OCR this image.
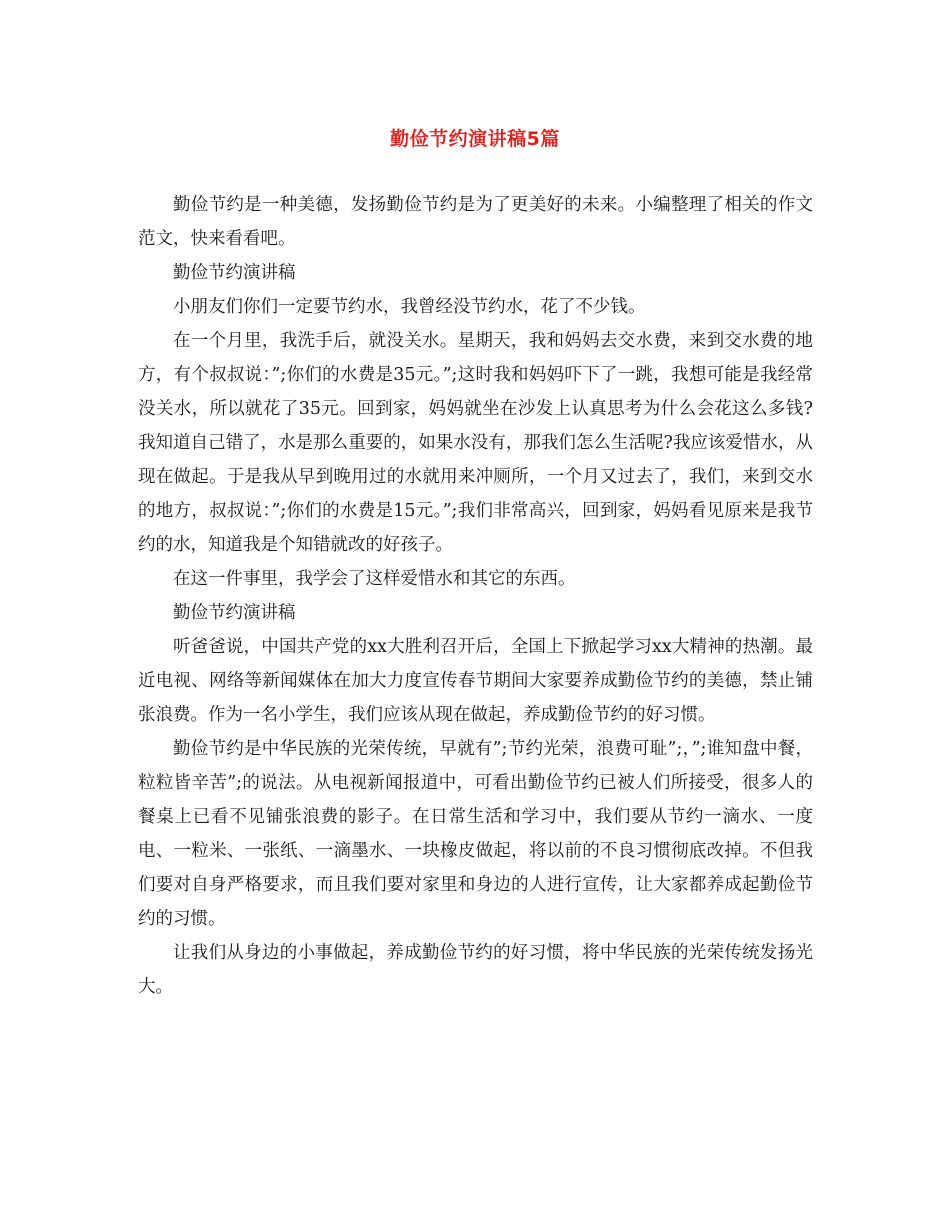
勤俭节约演讲稿5篇

勤俭节约是一种美德，发扬勤俭节约是为了更美好的未来。小编整理了相关的作文范文，快来看看吧。

勤俭节约演讲稿

小朋友们你们一定要节约水，我曾经没节约水，花了不少钱。

在一个月里，我洗手后，就没关水。星期天，我和妈妈去交水费，来到交水费的地方，有个叔叔说：”;你们的水费是35元。”;这时我和妈妈吓下了一跳，我想可能是我经常没关水，所以就花了35元。回到家，妈妈就坐在沙发上认真思考为什么会花这么多钱?我知道自己错了，水是那么重要的，如果水没有，那我们怎么生活呢?我应该爱惜水，从现在做起。于是我从早到晚用过的水就用来冲厕所，一个月又过去了，我们，来到交水的地方，叔叔说：”;你们的水费是15元。”;我们非常高兴，回到家，妈妈看见原来是我节约的水，知道我是个知错就改的好孩子。

在这一件事里，我学会了这样爱惜水和其它的东西。

勤俭节约演讲稿

听爸爸说，中国共产党的xx大胜利召开后，全国上下掀起学习xx大精神的热潮。最近电视、网络等新闻媒体在加大力度宣传春节期间大家要养成勤俭节约的美德，禁止铺张浪费。作为一名小学生，我们应该从现在做起，养成勤俭节约的好习惯。

勤俭节约是中华民族的光荣传统，早就有”;节约光荣，浪费可耻”;，”;谁知盘中餐，粒粒皆辛苦”;的说法。从电视新闻报道中，可看出勤俭节约已被人们所接受，很多人的餐桌上已看不见铺张浪费的影子。在日常生活和学习中，我们要从节约一滴水、一度电、一粒米、一张纸、一滴墨水、一块橡皮做起，将以前的不良习惯彻底改掉。不但我们要对自身严格要求，而且我们要对家里和身边的人进行宣传，让大家都养成起勤俭节约的习惯。

让我们从身边的小事做起，养成勤俭节约的好习惯，将中华民族的光荣传统发扬光大。
